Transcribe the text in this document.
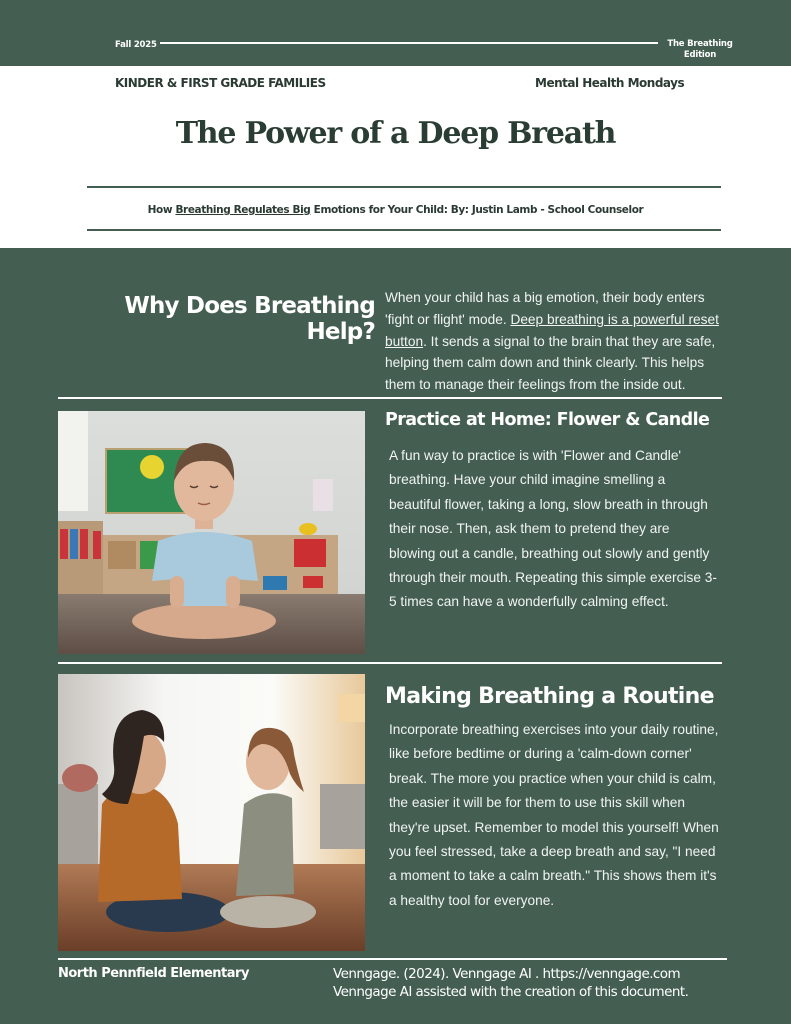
Fall 2025	The Breathing
Edition
KINDER & FIRST GRADE FAMILIES	Mental Health Mondays
The Power of a Deep Breath
How Breathing Regulates Big Emotions for Your Child: By: Justin Lamb - School Counselor
Why Does Breathing Help?

When your child has a big emotion, their body enters 'fight or flight' mode. Deep breathing is a powerful reset button. It sends a signal to the brain that they are safe, helping them calm down and think clearly. This helps them to manage their feelings from the inside out.

Practice at Home: Flower & Candle

A fun way to practice is with 'Flower and Candle' breathing. Have your child imagine smelling a beautiful flower, taking a long, slow breath in through their nose. Then, ask them to pretend they are blowing out a candle, breathing out slowly and gently through their mouth. Repeating this simple exercise 3-5 times can have a wonderfully calming effect.

Making Breathing a Routine

Incorporate breathing exercises into your daily routine, like before bedtime or during a 'calm-down corner' break. The more you practice when your child is calm, the easier it will be for them to use this skill when they're upset. Remember to model this yourself! When you feel stressed, take a deep breath and say, "I need a moment to take a calm breath." This shows them it's a healthy tool for everyone.

North Pennfield Elementary	Venngage. (2024). Venngage AI . https://venngage.com
Venngage AI assisted with the creation of this document.
